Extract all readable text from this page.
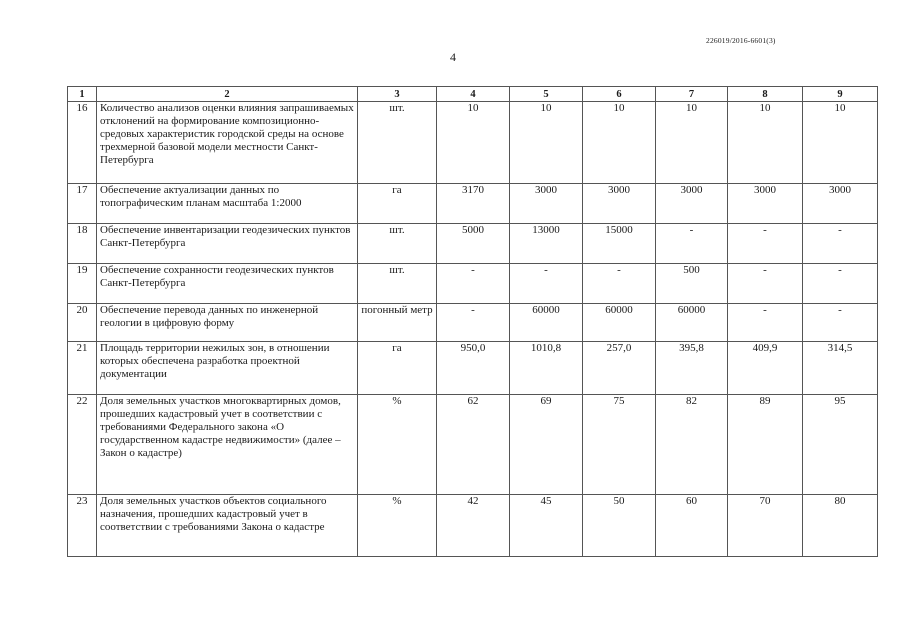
226019/2016-6601(3)
4
1	2	3	4	5	6	7	8	9
16	Количество анализов оценки влияния запрашиваемых отклонений на формирование композиционно-средовых характеристик городской среды на основе трехмерной базовой модели местности Санкт-Петербурга	шт.	10	10	10	10	10	10
17	Обеспечение актуализации данных по топографическим планам масштаба 1:2000	га	3170	3000	3000	3000	3000	3000
18	Обеспечение инвентаризации геодезических пунктов Санкт-Петербурга	шт.	5000	13000	15000	-	-	-
19	Обеспечение сохранности геодезических пунктов Санкт-Петербурга	шт.	-	-	-	500	-	-
20	Обеспечение перевода данных по инженерной геологии в цифровую форму	погонный метр	-	60000	60000	60000	-	-
21	Площадь территории нежилых зон, в отношении которых обеспечена разработка проектной документации	га	950,0	1010,8	257,0	395,8	409,9	314,5
22	Доля земельных участков многоквартирных домов, прошедших кадастровый учет в соответствии с требованиями Федерального закона «О государственном кадастре недвижимости» (далее – Закон о кадастре)	%	62	69	75	82	89	95
23	Доля земельных участков объектов социального назначения, прошедших кадастровый учет в соответствии с требованиями Закона о кадастре	%	42	45	50	60	70	80
